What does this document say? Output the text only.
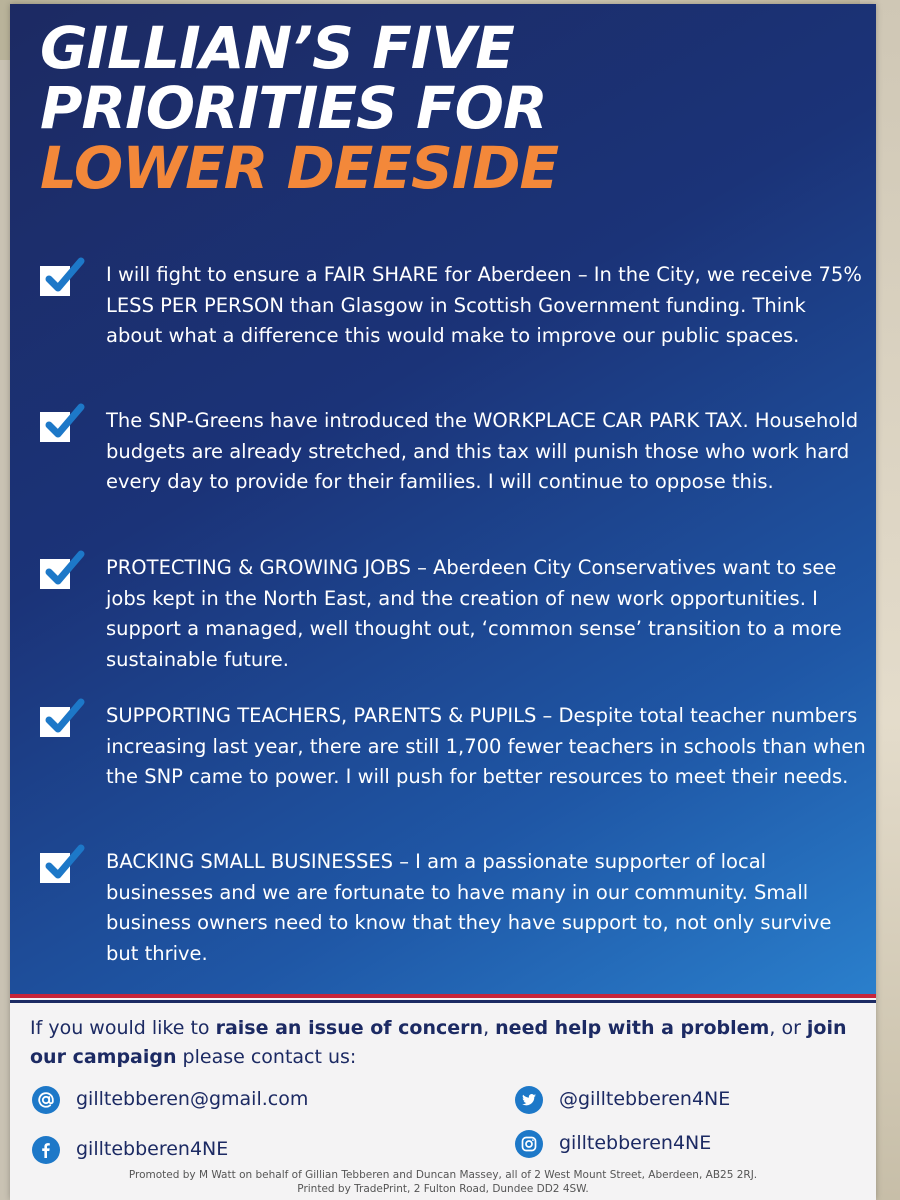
GILLIAN’S FIVE
PRIORITIES FOR
LOWER DEESIDE
I will fight to ensure a FAIR SHARE for Aberdeen – In the City, we receive 75% LESS PER PERSON than Glasgow in Scottish Government funding. Think about what a difference this would make to improve our public spaces.
The SNP-Greens have introduced the WORKPLACE CAR PARK TAX. Household budgets are already stretched, and this tax will punish those who work hard every day to provide for their families. I will continue to oppose this.
PROTECTING & GROWING JOBS – Aberdeen City Conservatives want to see jobs kept in the North East, and the creation of new work opportunities. I support a managed, well thought out, ‘common sense’ transition to a more sustainable future.
SUPPORTING TEACHERS, PARENTS & PUPILS – Despite total teacher numbers increasing last year, there are still 1,700 fewer teachers in schools than when the SNP came to power. I will push for better resources to meet their needs.
BACKING SMALL BUSINESSES – I am a passionate supporter of local businesses and we are fortunate to have many in our community. Small business owners need to know that they have support to, not only survive but thrive.
If you would like to raise an issue of concern, need help with a problem, or join our campaign please contact us:
gilltebberen@gmail.com
gilltebberen4NE
@gilltebberen4NE
gilltebberen4NE
Promoted by M Watt on behalf of Gillian Tebberen and Duncan Massey, all of 2 West Mount Street, Aberdeen, AB25 2RJ.
Printed by TradePrint, 2 Fulton Road, Dundee DD2 4SW.
